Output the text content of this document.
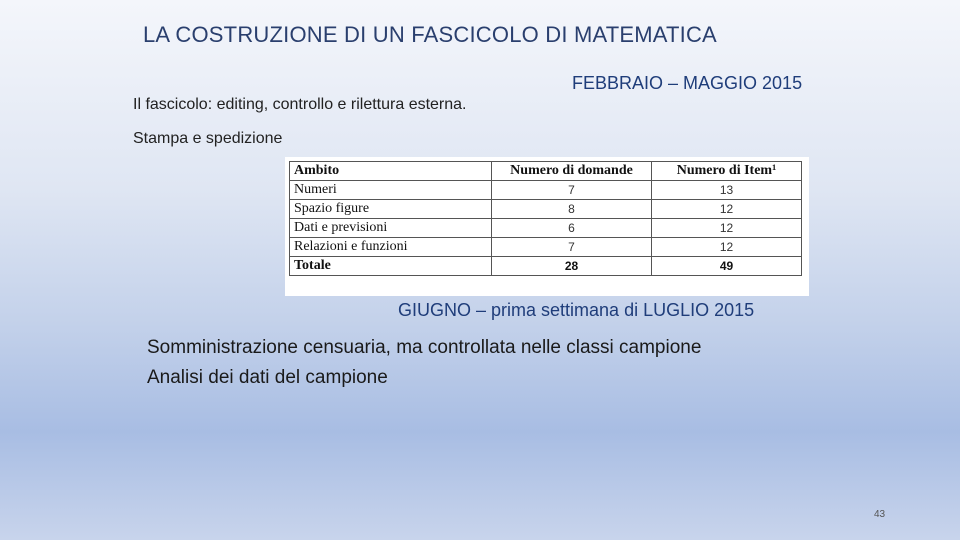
LA COSTRUZIONE DI UN FASCICOLO DI MATEMATICA
FEBBRAIO – MAGGIO 2015
Il fascicolo: editing, controllo e rilettura esterna.
Stampa e spedizione
Ambito	Numero di domande	Numero di Item¹
Numeri	7	13
Spazio figure	8	12
Dati e previsioni	6	12
Relazioni e funzioni	7	12
Totale	28	49
GIUGNO – prima settimana di LUGLIO 2015
Somministrazione censuaria, ma controllata nelle classi campione
Analisi dei dati del campione
43
